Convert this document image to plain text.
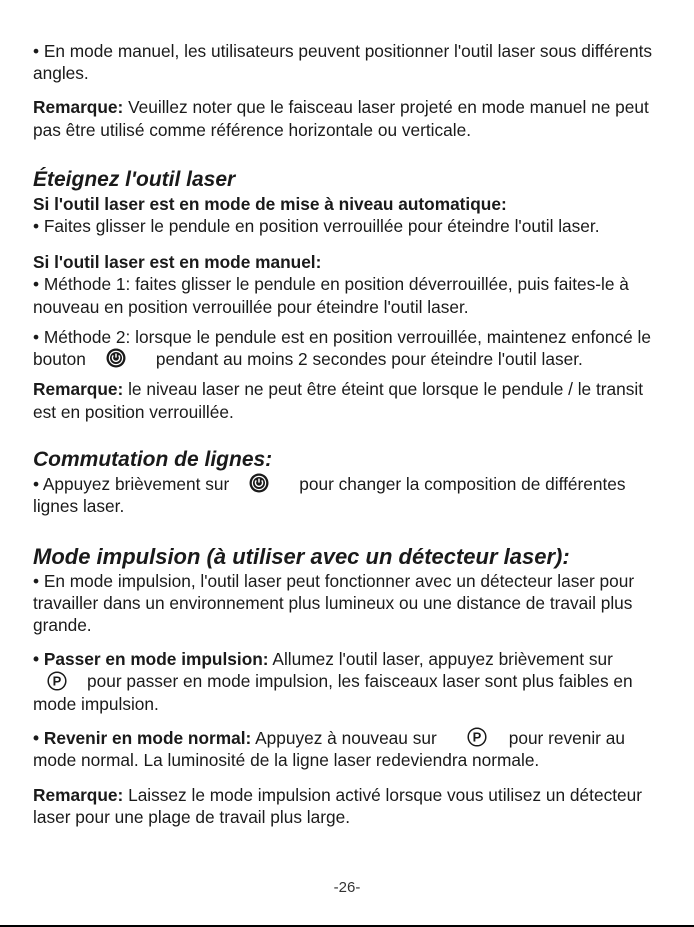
• En mode manuel, les utilisateurs peuvent positionner l'outil laser sous différents angles.

Remarque: Veuillez noter que le faisceau laser projeté en mode manuel ne peut pas être utilisé comme référence horizontale ou verticale.

Éteignez l'outil laser

Si l'outil laser est en mode de mise à niveau automatique:

• Faites glisser le pendule en position verrouillée pour éteindre l'outil laser.

Si l'outil laser est en mode manuel:

• Méthode 1: faites glisser le pendule en position déverrouillée, puis faites-le à nouveau en position verrouillée pour éteindre l'outil laser.

• Méthode 2: lorsque le pendule est en position verrouillée, maintenez enfoncé le bouton	pendant au moins 2 secondes pour éteindre l'outil laser.

Remarque: le niveau laser ne peut être éteint que lorsque le pendule / le transit est en position verrouillée.

Commutation de lignes:

• Appuyez brièvement sur	pour changer la composition de différentes lignes laser.

Mode impulsion (à utiliser avec un détecteur laser):

• En mode impulsion, l'outil laser peut fonctionner avec un détecteur laser pour travailler dans un environnement plus lumineux ou une distance de travail plus grande.

• Passer en mode impulsion: Allumez l'outil laser, appuyez brièvement sur
P pour passer en mode impulsion, les faisceaux laser sont plus faibles en mode impulsion.

• Revenir en mode normal: Appuyez à nouveau sur	P pour revenir au mode normal. La luminosité de la ligne laser redeviendra normale.

Remarque: Laissez le mode impulsion activé lorsque vous utilisez un détecteur laser pour une plage de travail plus large.

-26-
